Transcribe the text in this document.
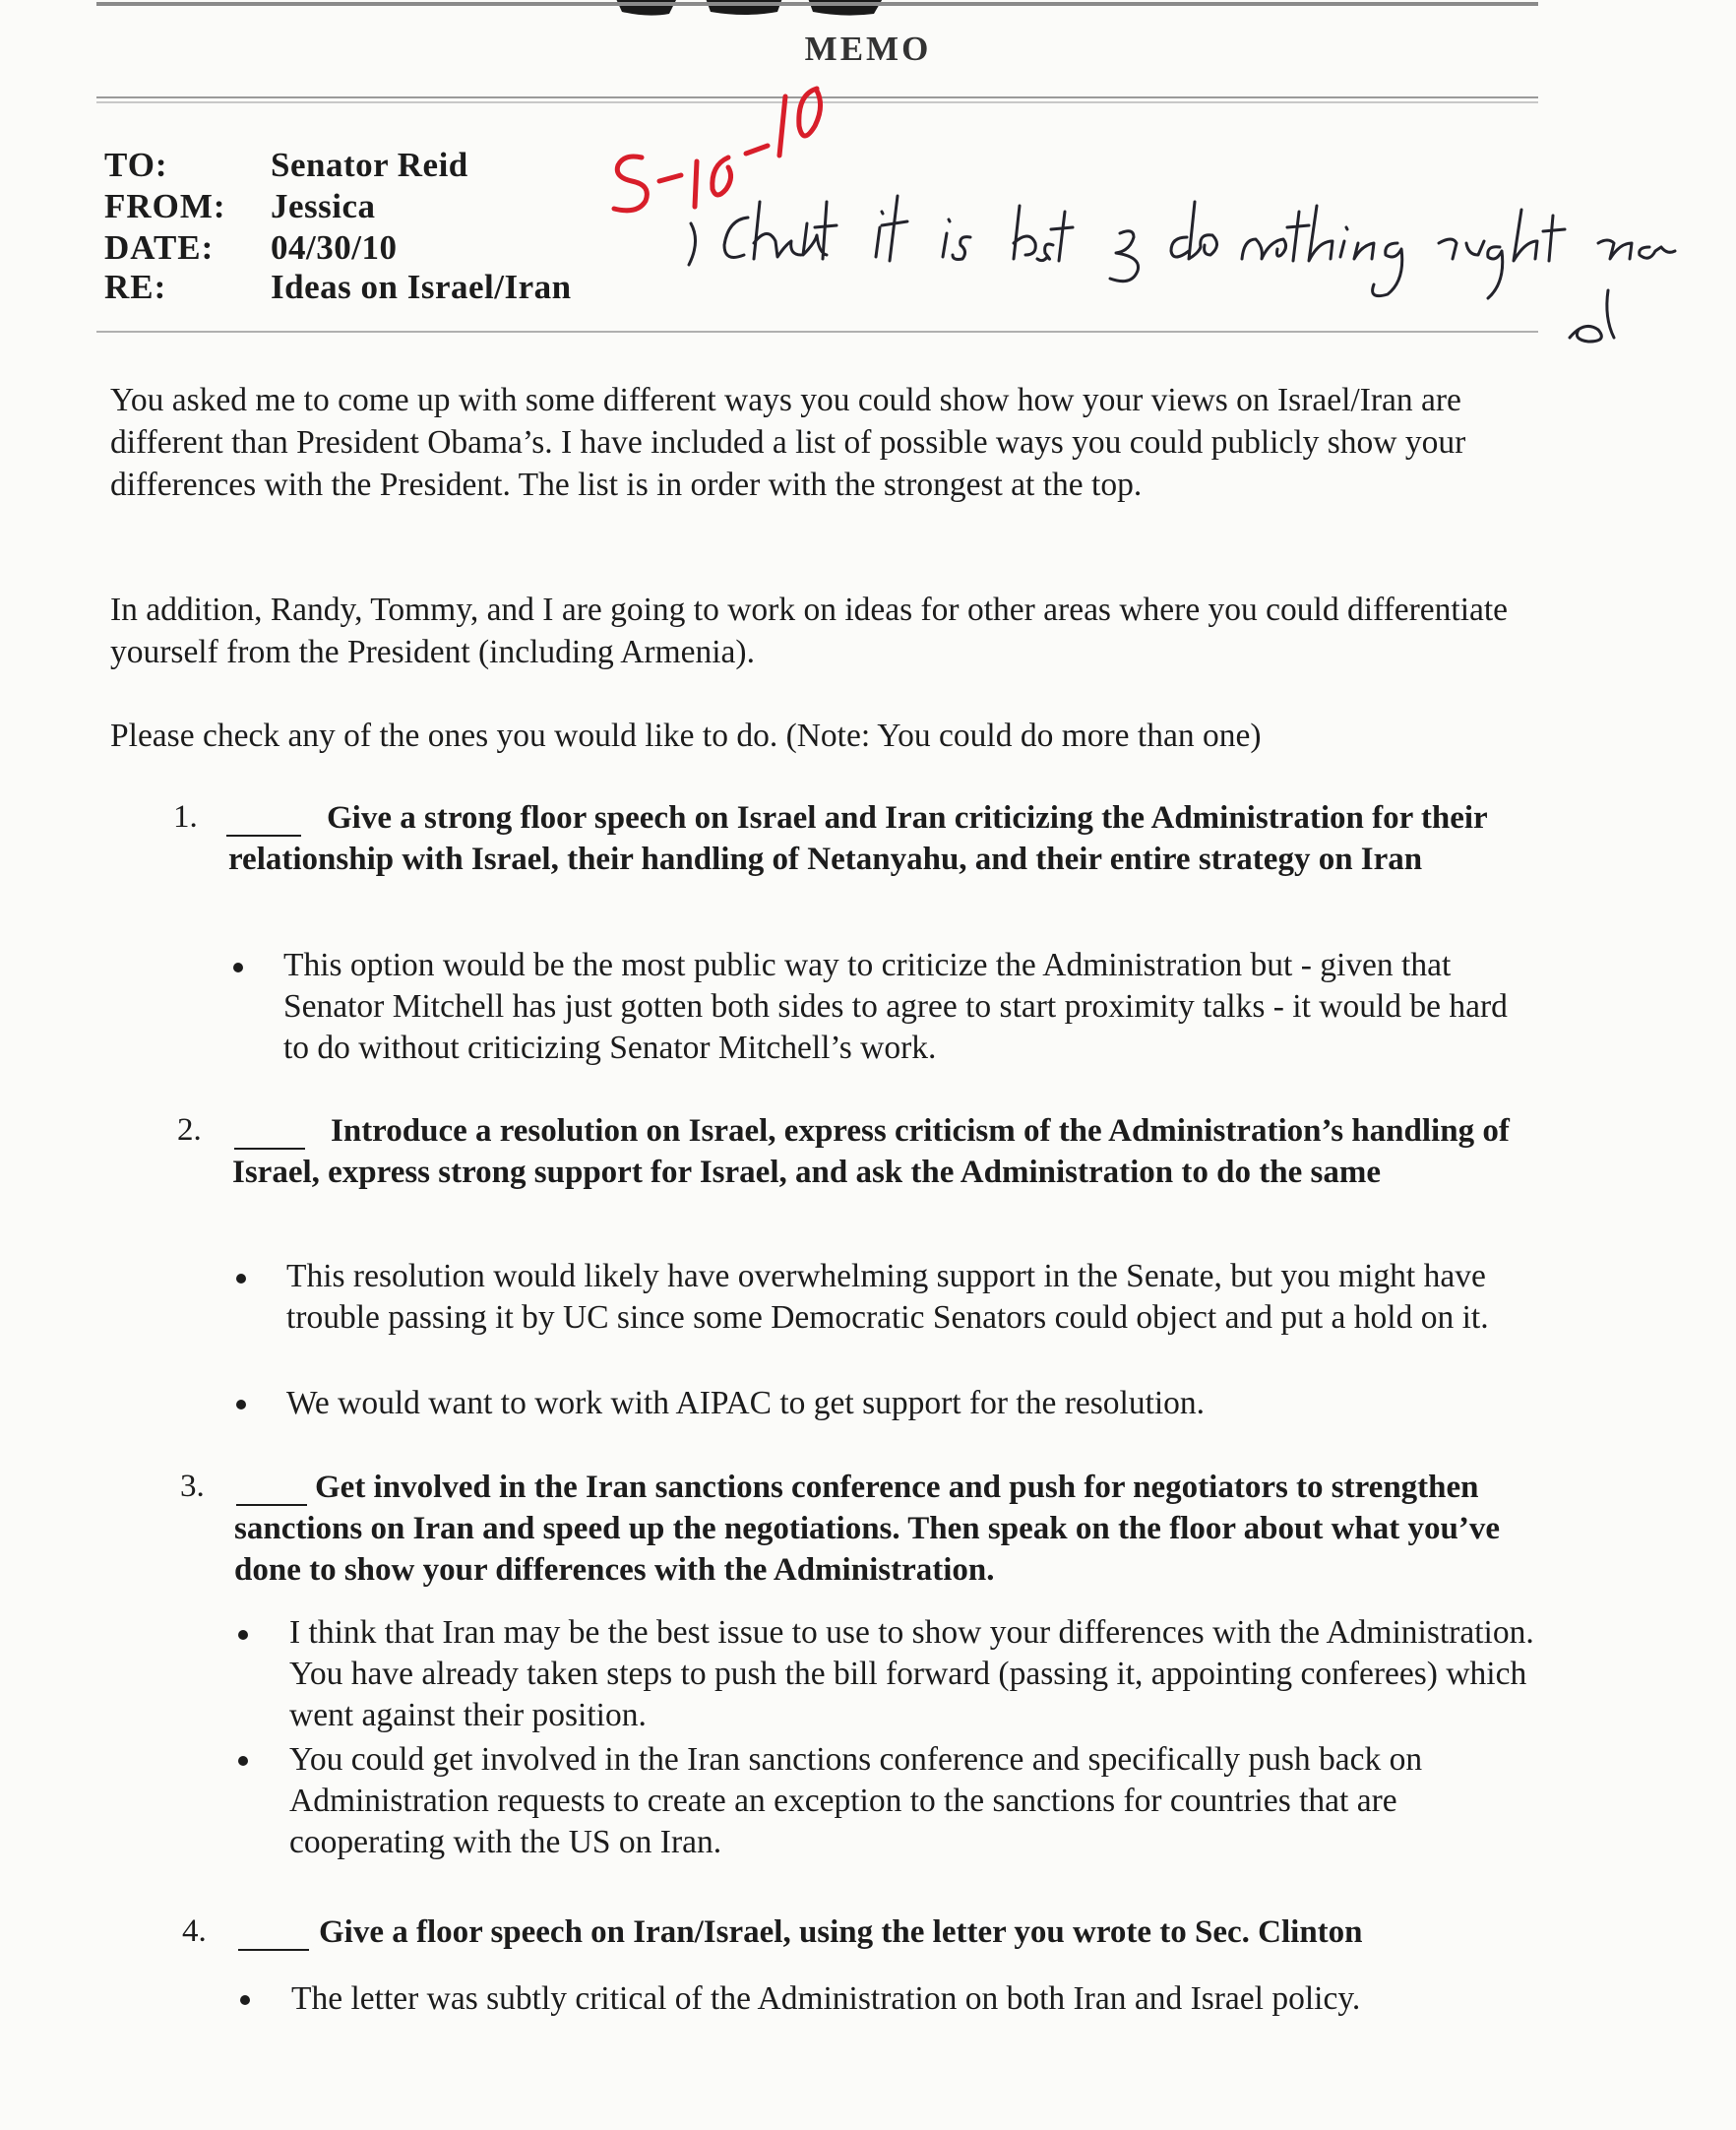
MEMO
TO:	Senator Reid
FROM: Jessica
DATE: 04/30/10
RE:	Ideas on Israel/Iran

You asked me to come up with some different ways you could show how your views on Israel/Iran are different than President Obama’s. I have included a list of possible ways you could publicly show your differences with the President. The list is in order with the strongest at the top.

In addition, Randy, Tommy, and I are going to work on ideas for other areas where you could differentiate yourself from the President (including Armenia).

Please check any of the ones you would like to do. (Note: You could do more than one)

1.	Give a strong floor speech on Israel and Iran criticizing the Administration for their relationship with Israel, their handling of Netanyahu, and their entire strategy on Iran

This option would be the most public way to criticize the Administration but - given that Senator Mitchell has just gotten both sides to agree to start proximity talks - it would be hard to do without criticizing Senator Mitchell’s work.

2.	Introduce a resolution on Israel, express criticism of the Administration’s handling of Israel, express strong support for Israel, and ask the Administration to do the same

This resolution would likely have overwhelming support in the Senate, but you might have trouble passing it by UC since some Democratic Senators could object and put a hold on it.

We would want to work with AIPAC to get support for the resolution.

3.	Get involved in the Iran sanctions conference and push for negotiators to strengthen sanctions on Iran and speed up the negotiations. Then speak on the floor about what you’ve done to show your differences with the Administration.

I think that Iran may be the best issue to use to show your differences with the Administration. You have already taken steps to push the bill forward (passing it, appointing conferees) which went against their position.

You could get involved in the Iran sanctions conference and specifically push back on Administration requests to create an exception to the sanctions for countries that are cooperating with the US on Iran.

4.	Give a floor speech on Iran/Israel, using the letter you wrote to Sec. Clinton

The letter was subtly critical of the Administration on both Iran and Israel policy.
